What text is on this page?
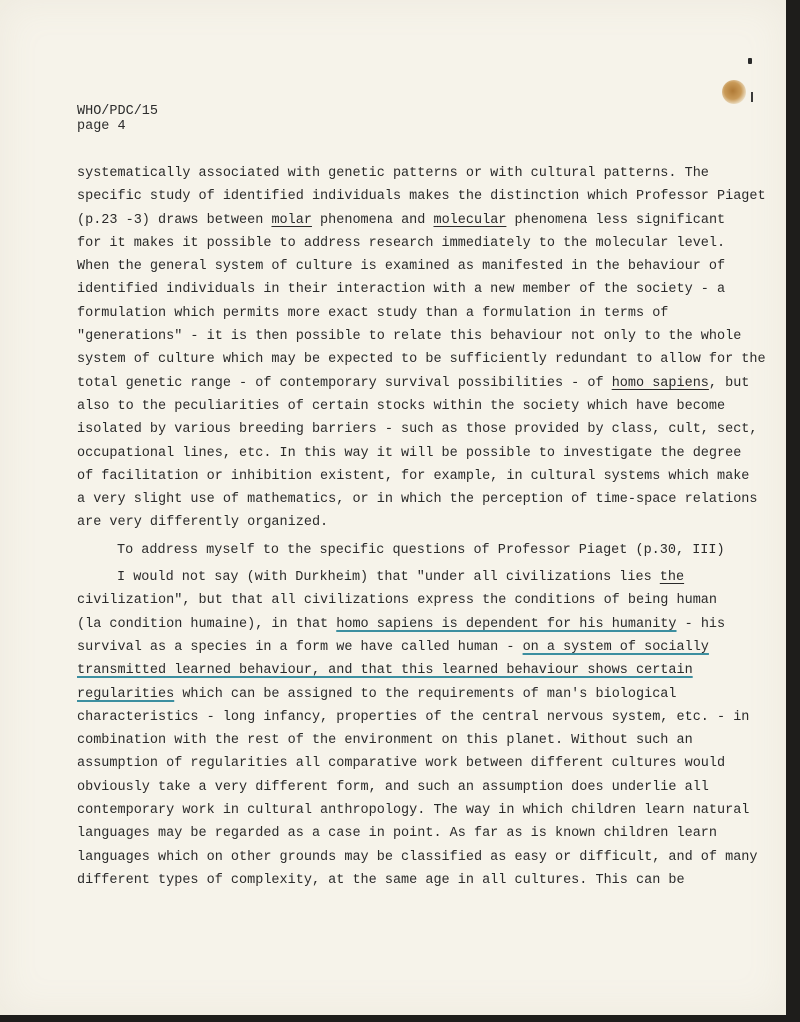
WHO/PDC/15
page 4
systematically associated with genetic patterns or with cultural patterns. The
specific study of identified individuals makes the distinction which Professor Piaget
(p.23 -3) draws between molar phenomena and molecular phenomena less significant
for it makes it possible to address research immediately to the molecular level.
When the general system of culture is examined as manifested in the behaviour of
identified individuals in their interaction with a new member of the society - a
formulation which permits more exact study than a formulation in terms of
"generations" - it is then possible to relate this behaviour not only to the whole
system of culture which may be expected to be sufficiently redundant to allow for the
total genetic range - of contemporary survival possibilities - of homo sapiens, but
also to the peculiarities of certain stocks within the society which have become
isolated by various breeding barriers - such as those provided by class, cult, sect,
occupational lines, etc. In this way it will be possible to investigate the degree
of facilitation or inhibition existent, for example, in cultural systems which make
a very slight use of mathematics, or in which the perception of time-space relations
are very differently organized.
To address myself to the specific questions of Professor Piaget (p.30, III)
I would not say (with Durkheim) that "under all civilizations lies the
civilization", but that all civilizations express the conditions of being human
(la condition humaine), in that homo sapiens is dependent for his humanity - his
survival as a species in a form we have called human - on a system of socially
transmitted learned behaviour, and that this learned behaviour shows certain
regularities which can be assigned to the requirements of man's biological
characteristics - long infancy, properties of the central nervous system, etc. - in
combination with the rest of the environment on this planet. Without such an
assumption of regularities all comparative work between different cultures would
obviously take a very different form, and such an assumption does underlie all
contemporary work in cultural anthropology. The way in which children learn natural
languages may be regarded as a case in point. As far as is known children learn
languages which on other grounds may be classified as easy or difficult, and of many
different types of complexity, at the same age in all cultures. This can be
